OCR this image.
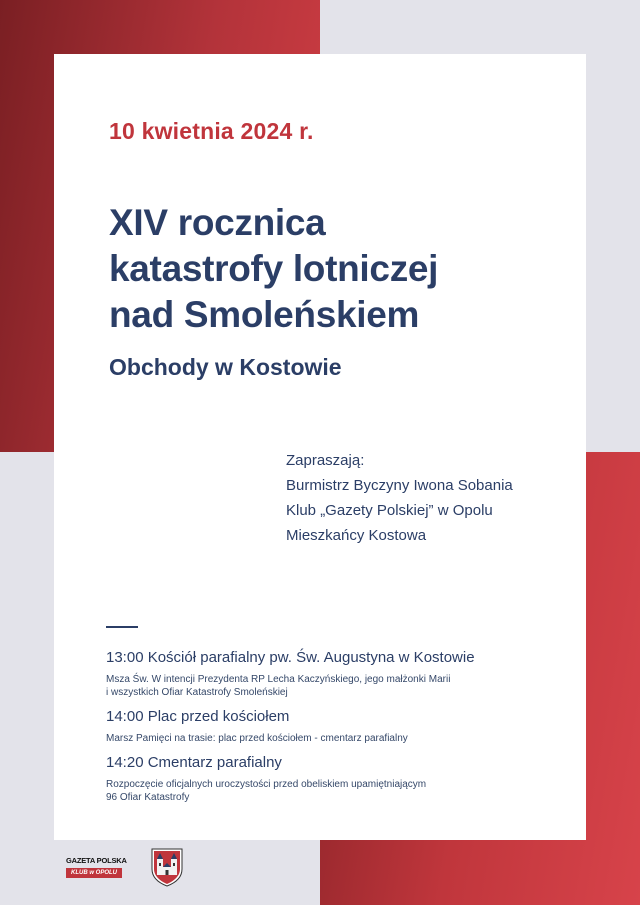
10 kwietnia 2024 r.
XIV rocznica
katastrofy lotniczej
nad Smoleńskiem
Obchody w Kostowie
Zapraszają:
Burmistrz Byczyny Iwona Sobania
Klub „Gazety Polskiej” w Opolu
Mieszkańcy Kostowa
13:00 Kościół parafialny pw. Św. Augustyna w Kostowie
Msza Św. W intencji Prezydenta RP Lecha Kaczyńskiego, jego małżonki Marii
i wszystkich Ofiar Katastrofy Smoleńskiej
14:00 Plac przed kościołem
Marsz Pamięci na trasie: plac przed kościołem - cmentarz parafialny
14:20 Cmentarz parafialny
Rozpoczęcie oficjalnych uroczystości przed obeliskiem upamiętniającym
96 Ofiar Katastrofy
GAZETA POLSKA
KLUB w OPOLU
